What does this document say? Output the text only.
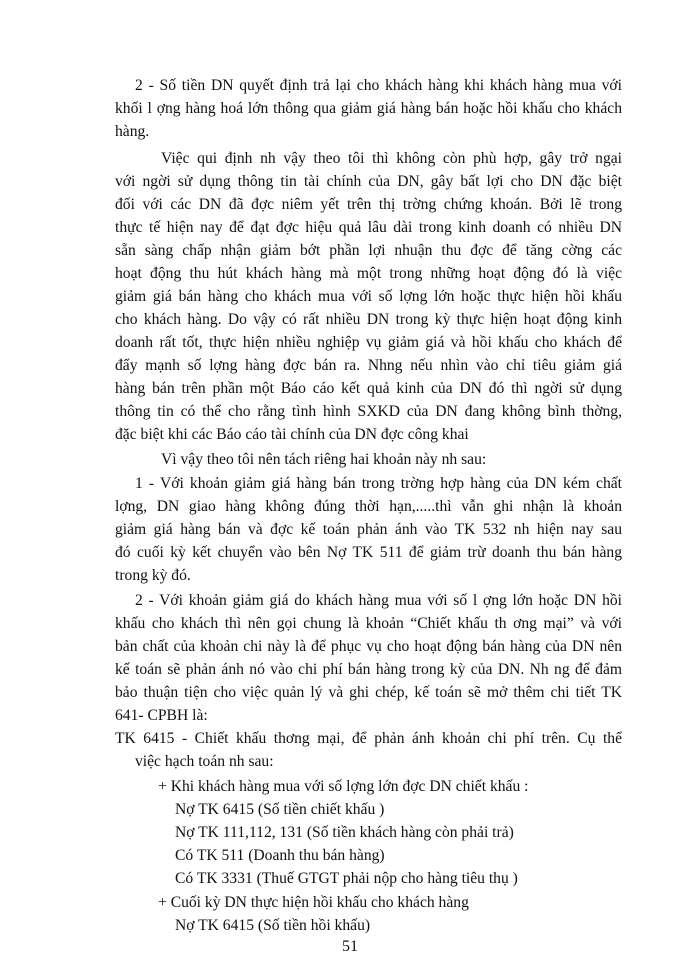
2 - Số tiền DN quyết định trả lại cho khách hàng khi khách hàng mua với
khối l ợng hàng hoá lớn thông qua giảm giá hàng bán hoặc hồi khấu cho khách
hàng.
Việc qui định nh vậy theo tôi thì không còn phù hợp, gây trở ngại
với ngời sử dụng thông tin tài chính của DN, gây bất lợi cho DN đặc biệt
đối với các DN đã đợc niêm yết trên thị trờng chứng khoán. Bởi lẽ trong
thực tế hiện nay để đạt đợc hiệu quả lâu dài trong kinh doanh có nhiều DN
sẵn sàng chấp nhận giảm bớt phần lợi nhuận thu đợc để tăng cờng các
hoạt động thu hút khách hàng mà một trong những hoạt động đó là việc
giảm giá bán hàng cho khách mua với số lợng lớn hoặc thực hiện hồi khấu
cho khách hàng. Do vậy có rất nhiều DN trong kỳ thực hiện hoạt động kinh
doanh rất tốt, thực hiện nhiều nghiệp vụ giảm giá và hồi khấu cho khách để
đẩy mạnh số lợng hàng đợc bán ra. Nhng nếu nhìn vào chỉ tiêu giảm giá
hàng bán trên phần một Báo cáo kết quả kinh của DN đó thì ngời sử dụng
thông tin có thể cho rằng tình hình SXKD của DN đang không bình thờng,
đặc biệt khi các Báo cáo tài chính của DN đợc công khai
Vì vậy theo tôi nên tách riêng hai khoản này nh sau:
1 - Với khoản giảm giá hàng bán trong trờng hợp hàng của DN kém chất
lợng, DN giao hàng không đúng thời hạn,.....thì vẫn ghi nhận là khoản
giảm giá hàng bán và đợc kế toán phản ánh vào TK 532 nh hiện nay sau
đó cuối kỳ kết chuyển vào bên Nợ TK 511 để giảm trừ doanh thu bán hàng
trong kỳ đó.
2 - Với khoản giảm giá do khách hàng mua với số l ợng lớn hoặc DN hồi
khấu cho khách thì nên gọi chung là khoản “Chiết khấu th ơng mại” và với
bản chất của khoản chi này là để phục vụ cho hoạt động bán hàng của DN nên
kế toán sẽ phản ánh nó vào chi phí bán hàng trong kỳ của DN. Nh ng để đảm
bảo thuận tiện cho việc quản lý và ghi chép, kế toán sẽ mở thêm chi tiết TK
641- CPBH là:
TK 6415 - Chiết khấu thơng mại, để phản ánh khoản chi phí trên. Cụ thể
việc hạch toán nh sau:
+ Khi khách hàng mua với số lợng lớn đợc DN chiết khấu :
Nợ TK 6415 (Số tiền chiết khấu )
Nợ TK 111,112, 131 (Số tiền khách hàng còn phải trả)
Có TK 511 (Doanh thu bán hàng)
Có TK 3331 (Thuế GTGT phải nộp cho hàng tiêu thụ )
+ Cuối kỳ DN thực hiện hồi khấu cho khách hàng
Nợ TK 6415 (Số tiền hồi khấu)
51
